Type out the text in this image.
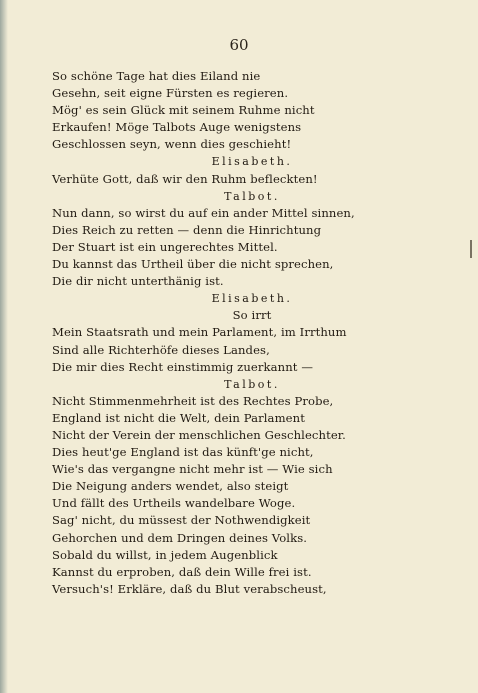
60
So schöne Tage hat dies Eiland nie
Gesehn, seit eigne Fürsten es regieren.
Mög' es sein Glück mit seinem Ruhme nicht
Erkaufen! Möge Talbots Auge wenigstens
Geschlossen seyn, wenn dies geschieht!
Elisabeth.
Verhüte Gott, daß wir den Ruhm befleckten!
Talbot.
Nun dann, so wirst du auf ein ander Mittel sinnen,
Dies Reich zu retten — denn die Hinrichtung
Der Stuart ist ein ungerechtes Mittel.
Du kannst das Urtheil über die nicht sprechen,
Die dir nicht unterthänig ist.
Elisabeth.
So irrt
Mein Staatsrath und mein Parlament, im Irrthum
Sind alle Richterhöfe dieses Landes,
Die mir dies Recht einstimmig zuerkannt —
Talbot.
Nicht Stimmenmehrheit ist des Rechtes Probe,
England ist nicht die Welt, dein Parlament
Nicht der Verein der menschlichen Geschlechter.
Dies heut'ge England ist das künft'ge nicht,
Wie's das vergangne nicht mehr ist — Wie sich
Die Neigung anders wendet, also steigt
Und fällt des Urtheils wandelbare Woge.
Sag' nicht, du müssest der Nothwendigkeit
Gehorchen und dem Dringen deines Volks.
Sobald du willst, in jedem Augenblick
Kannst du erproben, daß dein Wille frei ist.
Versuch's! Erkläre, daß du Blut verabscheust,
